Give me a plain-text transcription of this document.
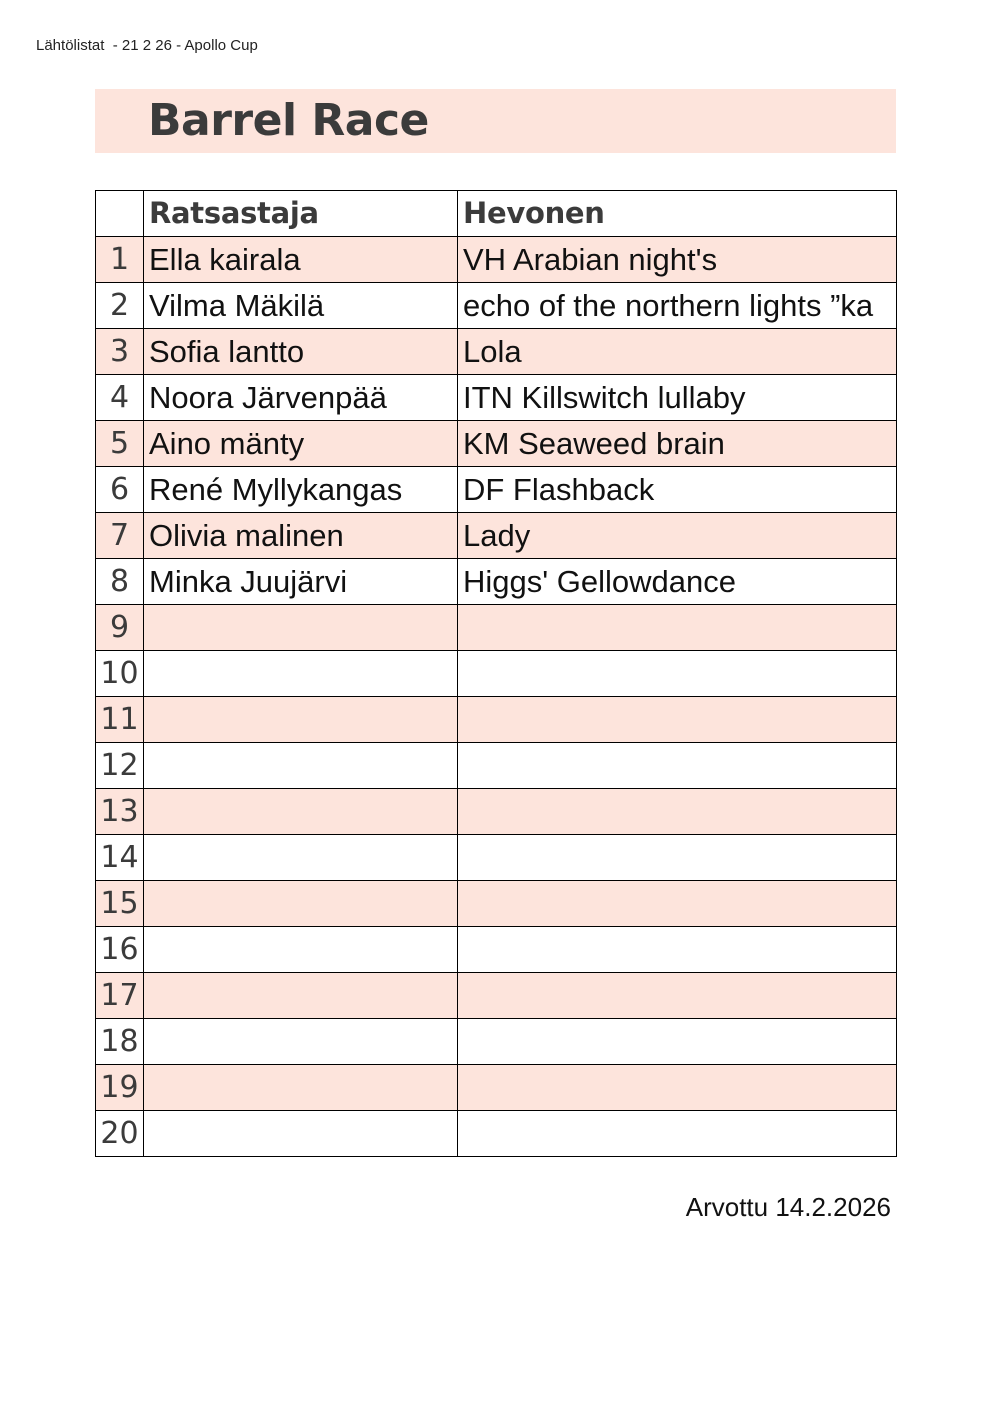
Lähtölistat  - 21 2 26 - Apollo Cup
Barrel Race
	Ratsastaja	Hevonen
1	Ella kairala	VH Arabian night's
2	Vilma Mäkilä	echo of the northern lights ”ka
3	Sofia lantto	Lola
4	Noora Järvenpää	ITN Killswitch lullaby
5	Aino mänty	KM Seaweed brain
6	René Myllykangas	DF Flashback
7	Olivia malinen	Lady
8	Minka Juujärvi	Higgs' Gellowdance
9		
10		
11		
12		
13		
14		
15		
16		
17		
18		
19		
20		
Arvottu 14.2.2026
